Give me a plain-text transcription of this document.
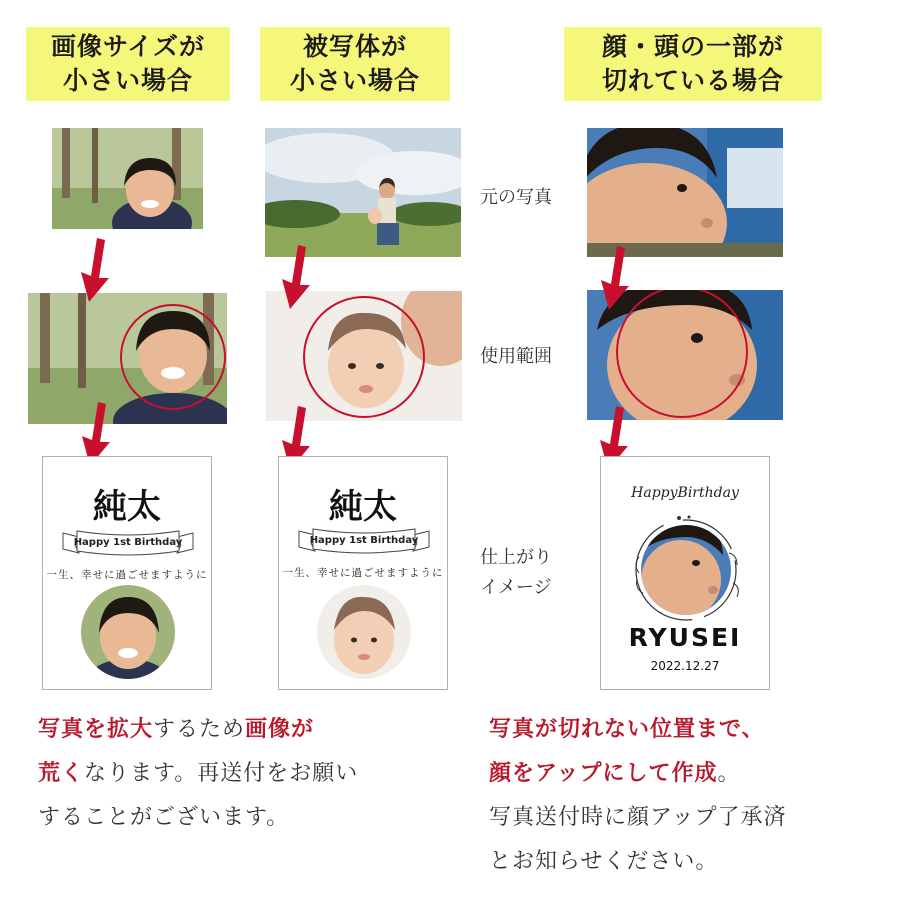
画像サイズが
小さい場合
被写体が
小さい場合
顔・頭の一部が
切れている場合
元の写真
使用範囲
純太
Happy 1st Birthday
一生、幸せに過ごせますように
純太
Happy 1st Birthday
一生、幸せに過ごせますように
HappyBirthday
RYUSEI
2022.12.27
仕上がり
イメージ
写真を拡大するため画像が
荒くなります。再送付をお願い
することがございます。
写真が切れない位置まで、
顔をアップにして作成。
写真送付時に顔アップ了承済
とお知らせください。
